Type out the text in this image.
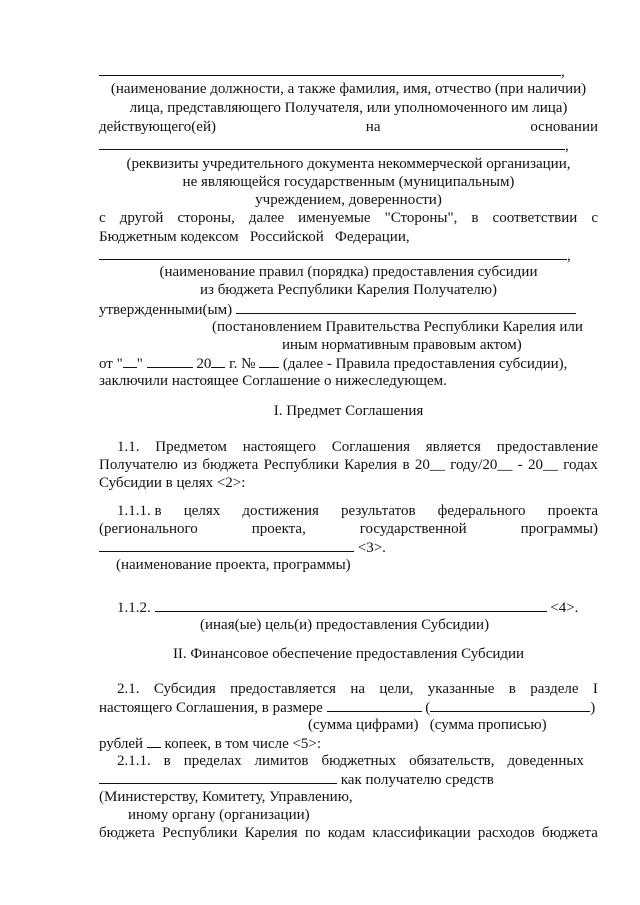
,
(наименование должности, а также фамилия, имя, отчество (при наличии)
лица, представляющего Получателя, или уполномоченного им лица)
действующего(ей)	на	основании
,
(реквизиты учредительного документа некоммерческой организации,
не являющейся государственным (муниципальным)
учреждением, доверенности)
с другой стороны, далее именуемые "Стороны", в соответствии с
Бюджетным кодексом   Российской   Федерации,
,
(наименование правил (порядка) предоставления субсидии
из бюджета Республики Карелия Получателю)
утвержденными(ым)
(постановлением Правительства Республики Карелия или
иным нормативным правовым актом)
от " "	20 г. № (далее - Правила предоставления субсидии),
заключили настоящее Соглашение о нижеследующем.
I. Предмет Соглашения
1.1. Предметом настоящего Соглашения является предоставление
Получателю из бюджета Республики Карелия в 20__ году/20__ - 20__ годах
Субсидии в целях <2>:
1.1.1. в целях достижения результатов федерального проекта
(регионального	проекта,	государственной	программы)
<3>.
(наименование проекта, программы)
1.1.2.	<4>.
(иная(ые) цель(и) предоставления Субсидии)
II. Финансовое обеспечение предоставления Субсидии
2.1. Субсидия предоставляется на цели, указанные в разделе I
настоящего Соглашения, в размере	(	)
(сумма цифрами) (сумма прописью)
рублей копеек, в том числе <5>:
2.1.1. в пределах лимитов бюджетных обязательств, доведенных
как получателю средств
(Министерству, Комитету, Управлению,
иному органу (организации)
бюджета Республики Карелия по кодам классификации расходов бюджета
